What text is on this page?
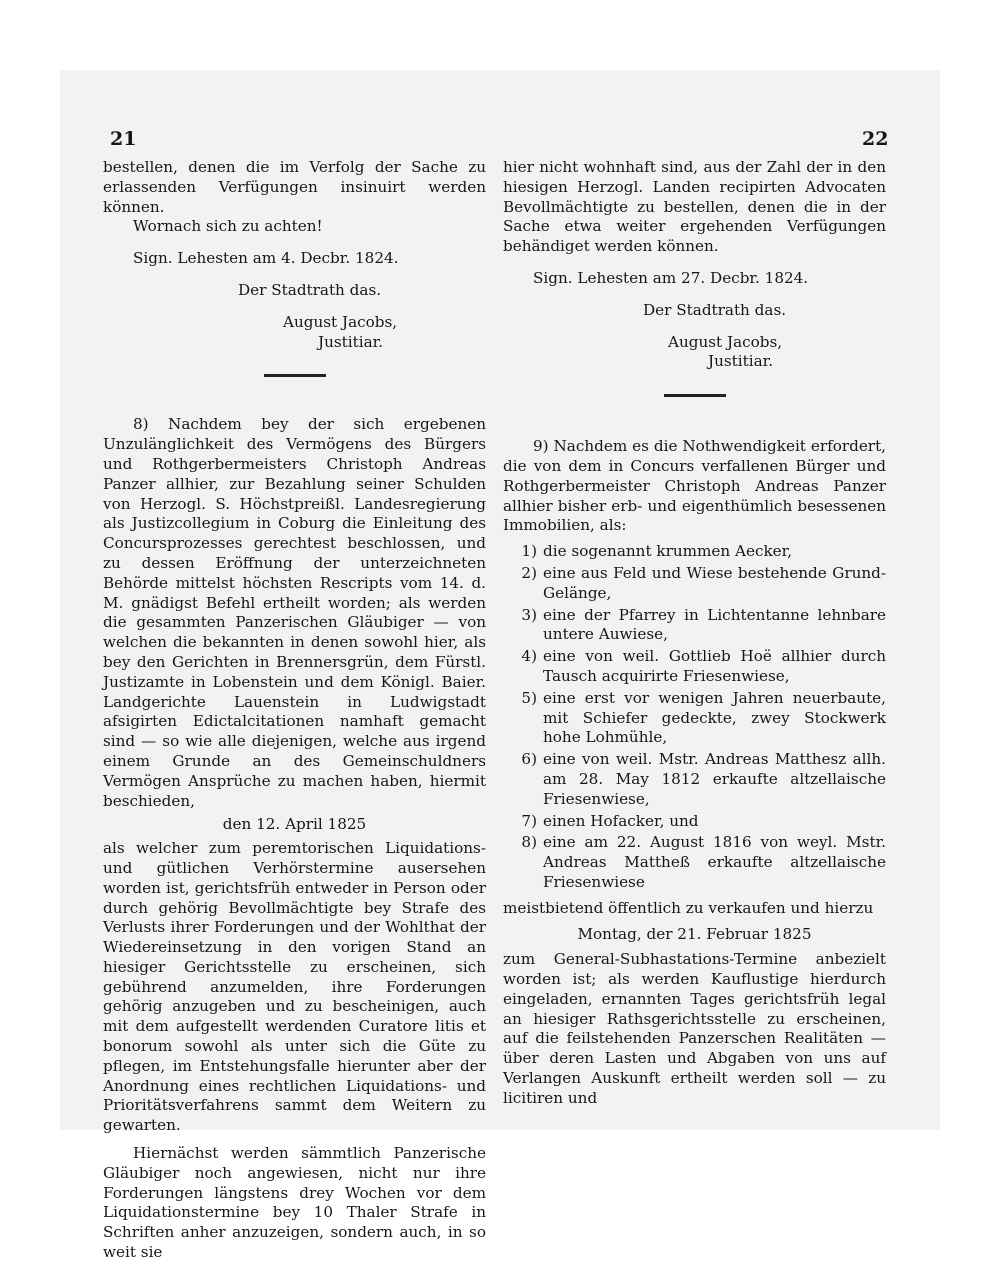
21	22

bestellen, denen die im Verfolg der Sache zu erlassenden Verfügungen insinuirt werden können.

Wornach sich zu achten!

Sign. Lehesten am 4. Decbr. 1824.

Der Stadtrath das.

August Jacobs,

Justitiar.

8) Nachdem bey der sich ergebenen Unzulänglichkeit des Vermögens des Bürgers und Rothgerbermeisters Christoph Andreas Panzer allhier, zur Bezahlung seiner Schulden von Herzogl. S. Höchstpreißl. Landesregierung als Justizcollegium in Coburg die Einleitung des Concursprozesses gerechtest beschlossen, und zu dessen Eröffnung der unterzeichneten Behörde mittelst höchsten Rescripts vom 14. d. M. gnädigst Befehl ertheilt worden; als werden die gesammten Panzerischen Gläubiger — von welchen die bekannten in denen sowohl hier, als bey den Gerichten in Brennersgrün, dem Fürstl. Justizamte in Lobenstein und dem Königl. Baier. Landgerichte Lauenstein in Ludwigstadt afsigirten Edictalcitationen namhaft gemacht sind — so wie alle diejenigen, welche aus irgend einem Grunde an des Gemeinschuldners Vermögen Ansprüche zu machen haben, hiermit beschieden,

den 12. April 1825

als welcher zum peremtorischen Liquidations- und gütlichen Verhörstermine ausersehen worden ist, gerichtsfrüh entweder in Person oder durch gehörig Bevollmächtigte bey Strafe des Verlusts ihrer Forderungen und der Wohlthat der Wiedereinsetzung in den vorigen Stand an hiesiger Gerichtsstelle zu erscheinen, sich gebührend anzumelden, ihre Forderungen gehörig anzugeben und zu bescheinigen, auch mit dem aufgestellt werdenden Curatore litis et bonorum sowohl als unter sich die Güte zu pflegen, im Entstehungsfalle hierunter aber der Anordnung eines rechtlichen Liquidations- und Prioritätsverfahrens sammt dem Weitern zu gewarten.

Hiernächst werden sämmtlich Panzerische Gläubiger noch angewiesen, nicht nur ihre Forderungen längstens drey Wochen vor dem Liquidationstermine bey 10 Thaler Strafe in Schriften anher anzuzeigen, sondern auch, in so weit sie

hier nicht wohnhaft sind, aus der Zahl der in den hiesigen Herzogl. Landen recipirten Advocaten Bevollmächtigte zu bestellen, denen die in der Sache etwa weiter ergehenden Verfügungen behändiget werden können.

Sign. Lehesten am 27. Decbr. 1824.

Der Stadtrath das.

August Jacobs,

Justitiar.

9) Nachdem es die Nothwendigkeit erfordert, die von dem in Concurs verfallenen Bürger und Rothgerbermeister Christoph Andreas Panzer allhier bisher erb- und eigenthümlich besessenen Immobilien, als:

1) die sogenannt krummen Aecker,
2) eine aus Feld und Wiese bestehende Grund-Gelänge,
3) eine der Pfarrey in Lichtentanne lehnbare untere Auwiese,
4) eine von weil. Gottlieb Hoë allhier durch Tausch acquirirte Friesenwiese,
5) eine erst vor wenigen Jahren neuerbaute, mit Schiefer gedeckte, zwey Stockwerk hohe Lohmühle,
6) eine von weil. Mstr. Andreas Matthesz allh. am 28. May 1812 erkaufte altzellaische Friesenwiese,
7) einen Hofacker, und
8) eine am 22. August 1816 von weyl. Mstr. Andreas Mattheß erkaufte altzellaische Friesenwiese

meistbietend öffentlich zu verkaufen und hierzu

Montag, der 21. Februar 1825

zum General-Subhastations-Termine anbezielt worden ist; als werden Kauflustige hierdurch eingeladen, ernannten Tages gerichtsfrüh legal an hiesiger Rathsgerichtsstelle zu erscheinen, auf die feilstehenden Panzerschen Realitäten — über deren Lasten und Abgaben von uns auf Verlangen Auskunft ertheilt werden soll — zu licitiren und
